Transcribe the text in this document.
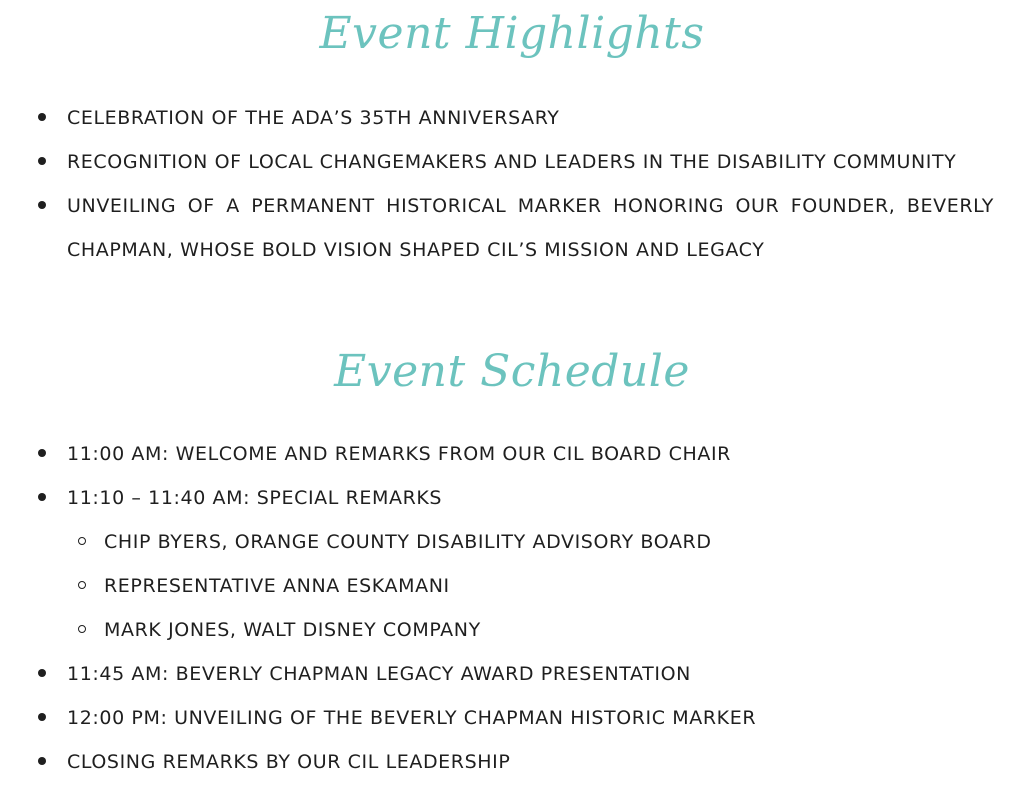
Event Highlights
CELEBRATION OF THE ADA’S 35TH ANNIVERSARY
RECOGNITION OF LOCAL CHANGEMAKERS AND LEADERS IN THE DISABILITY COMMUNITY
UNVEILING OF A PERMANENT HISTORICAL MARKER HONORING OUR FOUNDER, BEVERLY CHAPMAN, WHOSE BOLD VISION SHAPED CIL’S MISSION AND LEGACY
Event Schedule
11:00 AM: WELCOME AND REMARKS FROM OUR CIL BOARD CHAIR
11:10 – 11:40 AM: SPECIAL REMARKS
CHIP BYERS, ORANGE COUNTY DISABILITY ADVISORY BOARD
REPRESENTATIVE ANNA ESKAMANI
MARK JONES, WALT DISNEY COMPANY
11:45 AM: BEVERLY CHAPMAN LEGACY AWARD PRESENTATION
12:00 PM: UNVEILING OF THE BEVERLY CHAPMAN HISTORIC MARKER
CLOSING REMARKS BY OUR CIL LEADERSHIP
